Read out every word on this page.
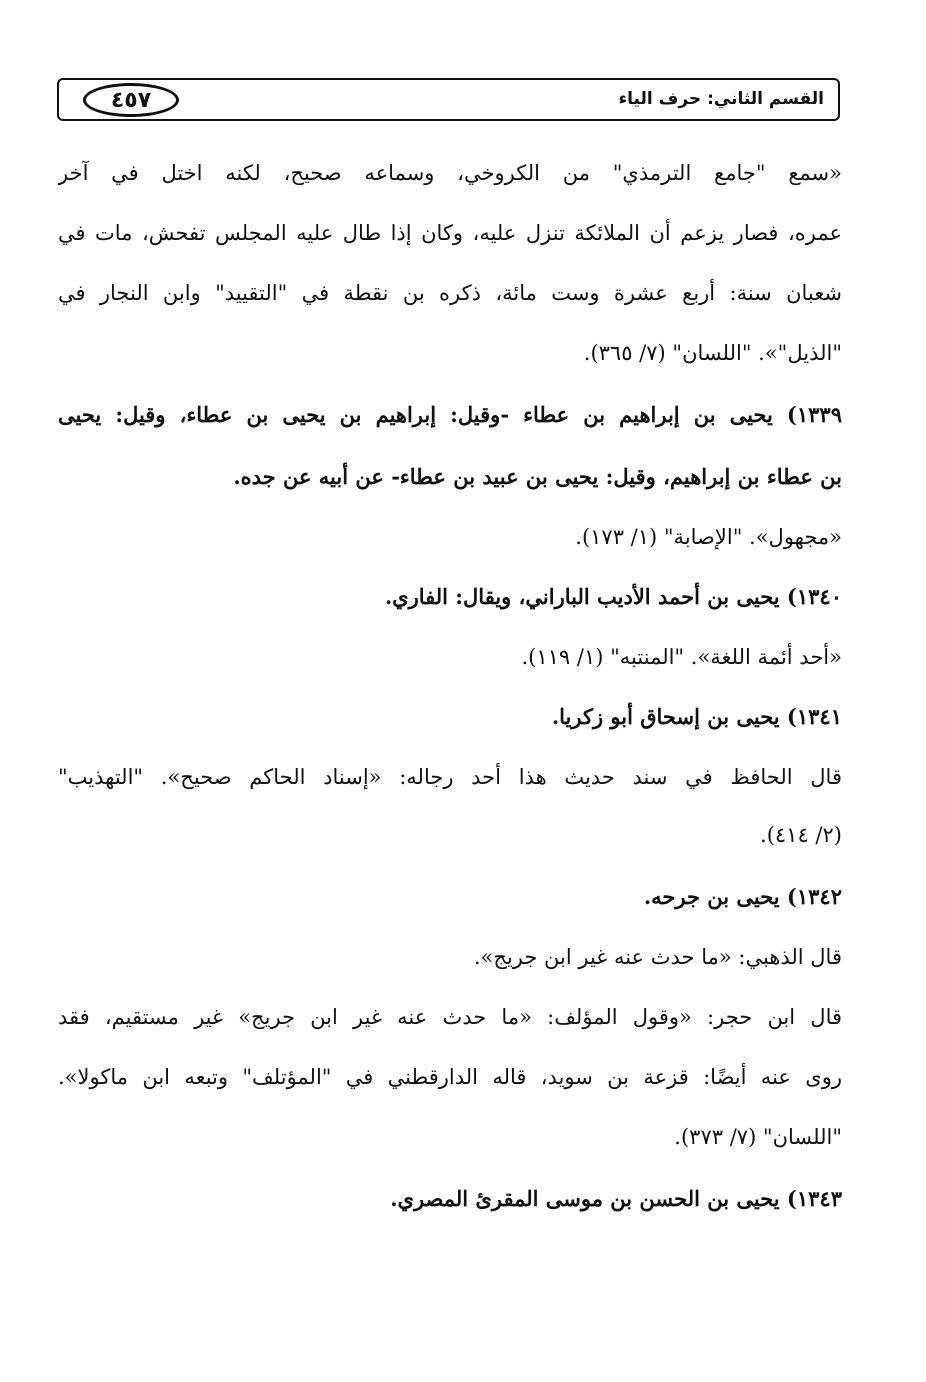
القسم الثاني: حرف الياء
٤٥٧

«سمع "جامع الترمذي" من الكروخي، وسماعه صحيح، لكنه اختل في آخر

عمره، فصار يزعم أن الملائكة تنزل عليه، وكان إذا طال عليه المجلس تفحش، مات في

شعبان سنة: أربع عشرة وست مائة، ذكره بن نقطة في "التقييد" وابن النجار في

"الذيل"». "اللسان" (٧/ ٣٦٥).

١٣٣٩) يحيى بن إبراهيم بن عطاء -وقيل: إبراهيم بن يحيى بن عطاء، وقيل: يحيى

بن عطاء بن إبراهيم، وقيل: يحيى بن عبيد بن عطاء- عن أبيه عن جده.

«مجهول». "الإصابة" (١/ ١٧٣).

١٣٤٠) يحيى بن أحمد الأديب الباراني، ويقال: الفاري.

«أحد أئمة اللغة». "المنتبه" (١/ ١١٩).

١٣٤١) يحيى بن إسحاق أبو زكريا.

قال الحافظ في سند حديث هذا أحد رجاله: «إسناد الحاكم صحيح». "التهذيب"

(٢/ ٤١٤).

١٣٤٢) يحيى بن جرحه.

قال الذهبي: «ما حدث عنه غير ابن جريج».

قال ابن حجر: «وقول المؤلف: «ما حدث عنه غير ابن جريج» غير مستقيم، فقد

روى عنه أيضًا: قزعة بن سويد، قاله الدارقطني في "المؤتلف" وتبعه ابن ماكولا».

"اللسان" (٧/ ٣٧٣).

١٣٤٣) يحيى بن الحسن بن موسى المقرئ المصري.
